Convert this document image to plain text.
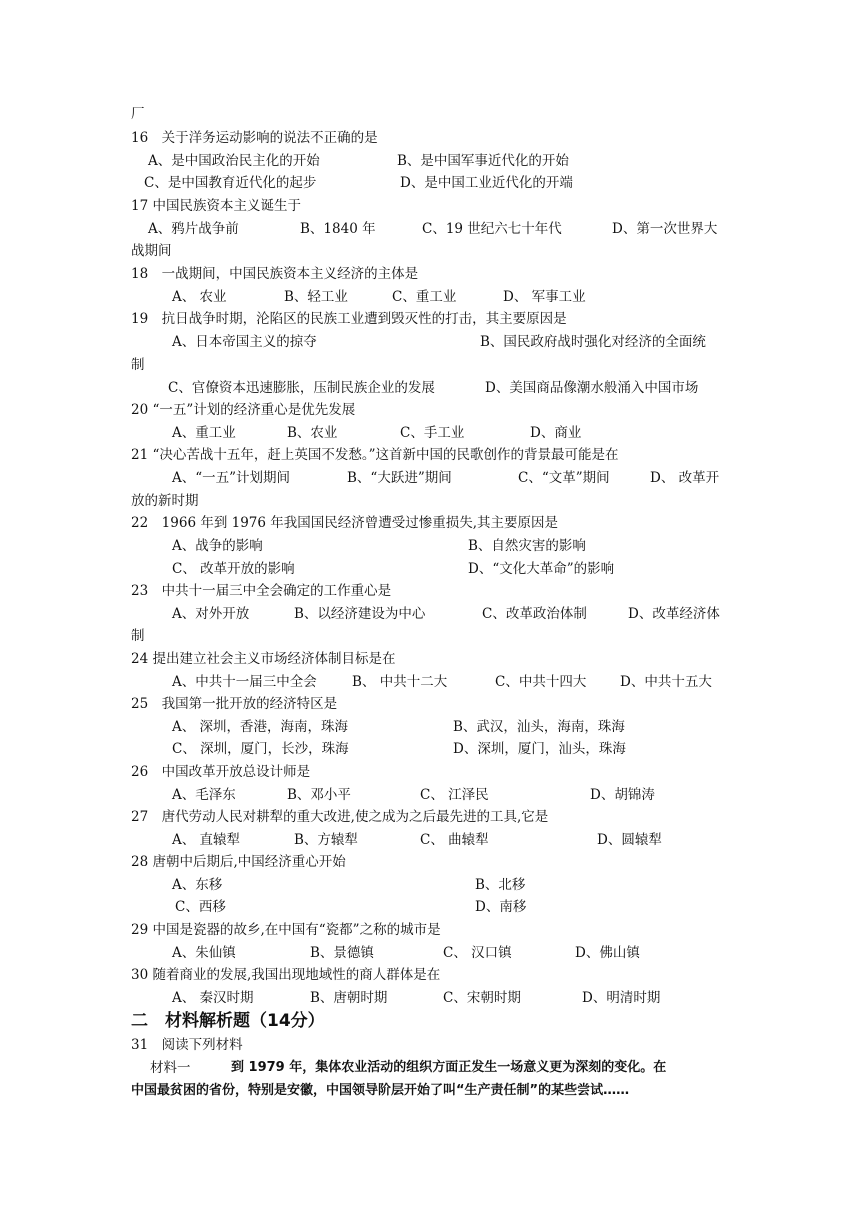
厂
16　关于洋务运动影响的说法不正确的是
A、是中国政治民主化的开始	B、是中国军事近代化的开始
C、是中国教育近代化的起步	D、是中国工业近代化的开端
17 中国民族资本主义诞生于
A、鸦片战争前	B、1840 年	C、19 世纪六七十年代	D、第一次世界大
战期间
18　一战期间，中国民族资本主义经济的主体是
A、 农业	B、轻工业	C、重工业	D、 军事工业
19　抗日战争时期，沦陷区的民族工业遭到毁灭性的打击，其主要原因是
A、日本帝国主义的掠夺	B、国民政府战时强化对经济的全面统
制
C、官僚资本迅速膨胀，压制民族企业的发展	D、美国商品像潮水般涌入中国市场
20 “一五”计划的经济重心是优先发展
A、重工业	B、农业	C、手工业	D、商业
21 “决心苦战十五年，赶上英国不发愁。”这首新中国的民歌创作的背景最可能是在
A、“一五”计划期间	B、“大跃进”期间	C、“文革”期间	D、 改革开
放的新时期
22　1966 年到 1976 年我国国民经济曾遭受过惨重损失,其主要原因是
A、战争的影响	B、自然灾害的影响
C、 改革开放的影响	D、“文化大革命”的影响
23　中共十一届三中全会确定的工作重心是
A、对外开放	B、以经济建设为中心	C、改革政治体制	D、改革经济体
制
24 提出建立社会主义市场经济体制目标是在
A、中共十一届三中全会	B、 中共十二大	C、中共十四大 D、中共十五大
25　我国第一批开放的经济特区是
A、 深圳，香港，海南，珠海	B、武汉，汕头，海南，珠海
C、 深圳，厦门，长沙，珠海	D、深圳，厦门，汕头，珠海
26　中国改革开放总设计师是
A、毛泽东	B、邓小平	C、 江泽民	D、胡锦涛
27　唐代劳动人民对耕犁的重大改进,使之成为之后最先进的工具,它是
A、 直辕犁	B、方辕犁	C、 曲辕犁	D、圆辕犁
28 唐朝中后期后,中国经济重心开始
A、东移	B、北移
C、西移	D、南移
29 中国是瓷器的故乡,在中国有“瓷都”之称的城市是
A、朱仙镇	B、景德镇	C、 汉口镇	D、佛山镇
30 随着商业的发展,我国出现地域性的商人群体是在
A、 秦汉时期	B、唐朝时期	C、宋朝时期	D、明清时期
二　材料解析题（14分）
31　阅读下列材料
材料一	到 1979 年，集体农业活动的组织方面正发生一场意义更为深刻的变化。在
中国最贫困的省份，特别是安徽，中国领导阶层开始了叫“生产责任制”的某些尝试……
